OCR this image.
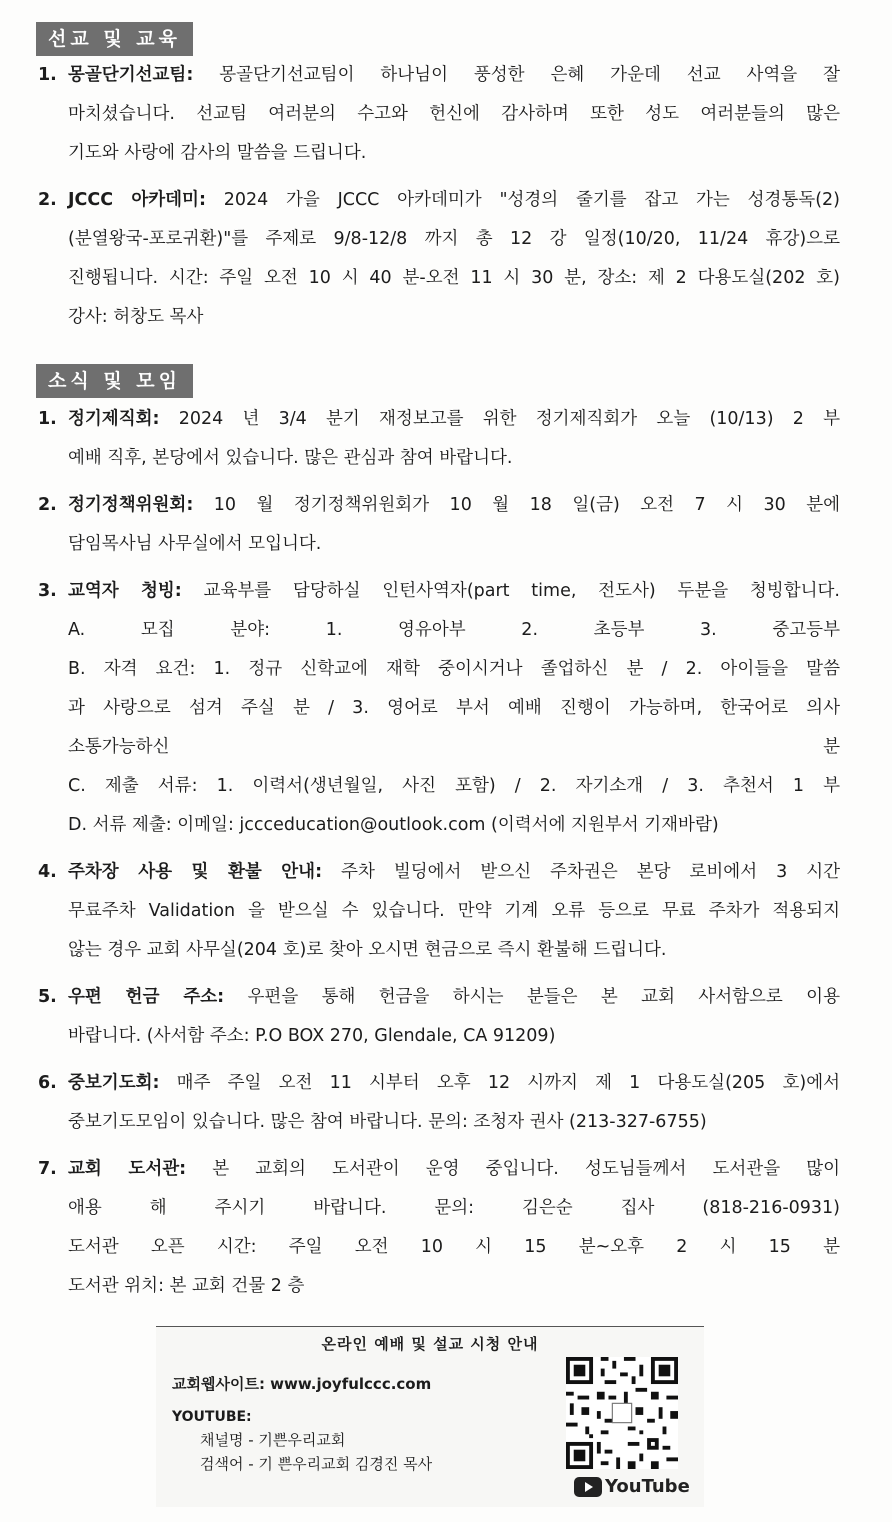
선교 및 교육
1. 몽골단기선교팀: 몽골단기선교팀이 하나님이 풍성한 은혜 가운데 선교 사역을 잘
마치셨습니다. 선교팀 여러분의 수고와 헌신에 감사하며 또한 성도 여러분들의 많은
기도와 사랑에 감사의 말씀을 드립니다.
2. JCCC 아카데미: 2024 가을 JCCC 아카데미가 "성경의 줄기를 잡고 가는 성경통독(2)
(분열왕국-포로귀환)"를 주제로 9/8-12/8 까지 총 12 강 일정(10/20, 11/24 휴강)으로
진행됩니다. 시간: 주일 오전 10 시 40 분-오전 11 시 30 분, 장소: 제 2 다용도실(202 호)
강사: 허창도 목사
소식 및 모임
1. 정기제직회: 2024 년 3/4 분기 재정보고를 위한 정기제직회가 오늘 (10/13) 2 부
예배 직후, 본당에서 있습니다. 많은 관심과 참여 바랍니다.
2. 정기정책위원회: 10 월 정기정책위원회가 10 월 18 일(금) 오전 7 시 30 분에
담임목사님 사무실에서 모입니다.
3. 교역자 청빙: 교육부를 담당하실 인턴사역자(part time, 전도사) 두분을 청빙합니다.
A. 모집 분야: 1. 영유아부 2. 초등부 3. 중고등부
B. 자격 요건: 1. 정규 신학교에 재학 중이시거나 졸업하신 분 / 2. 아이들을 말씀
과 사랑으로 섬겨 주실 분 / 3. 영어로 부서 예배 진행이 가능하며, 한국어로 의사
소통가능하신 분
C. 제출 서류: 1. 이력서(생년월일, 사진 포함) / 2. 자기소개 / 3. 추천서 1 부
D. 서류 제출: 이메일: jccceducation@outlook.com (이력서에 지원부서 기재바람)
4. 주차장 사용 및 환불 안내: 주차 빌딩에서 받으신 주차권은 본당 로비에서 3 시간
무료주차 Validation 을 받으실 수 있습니다. 만약 기계 오류 등으로 무료 주차가 적용되지
않는 경우 교회 사무실(204 호)로 찾아 오시면 현금으로 즉시 환불해 드립니다.
5. 우편 헌금 주소: 우편을 통해 헌금을 하시는 분들은 본 교회 사서함으로 이용
바랍니다. (사서함 주소: P.O BOX 270, Glendale, CA 91209)
6. 중보기도회: 매주 주일 오전 11 시부터 오후 12 시까지 제 1 다용도실(205 호)에서
중보기도모임이 있습니다. 많은 참여 바랍니다. 문의: 조청자 권사 (213-327-6755)
7. 교회 도서관: 본 교회의 도서관이 운영 중입니다. 성도님들께서 도서관을 많이
애용 해 주시기 바랍니다. 문의: 김은순 집사 (818-216-0931)
도서관 오픈 시간: 주일 오전 10 시 15 분~오후 2 시 15 분
도서관 위치: 본 교회 건물 2 층
온라인 예배 및 설교 시청 안내
교회웹사이트: www.joyfulccc.com
YOUTUBE:
채널명 - 기쁜우리교회
검색어 - 기 쁜우리교회 김경진 목사
YouTube
